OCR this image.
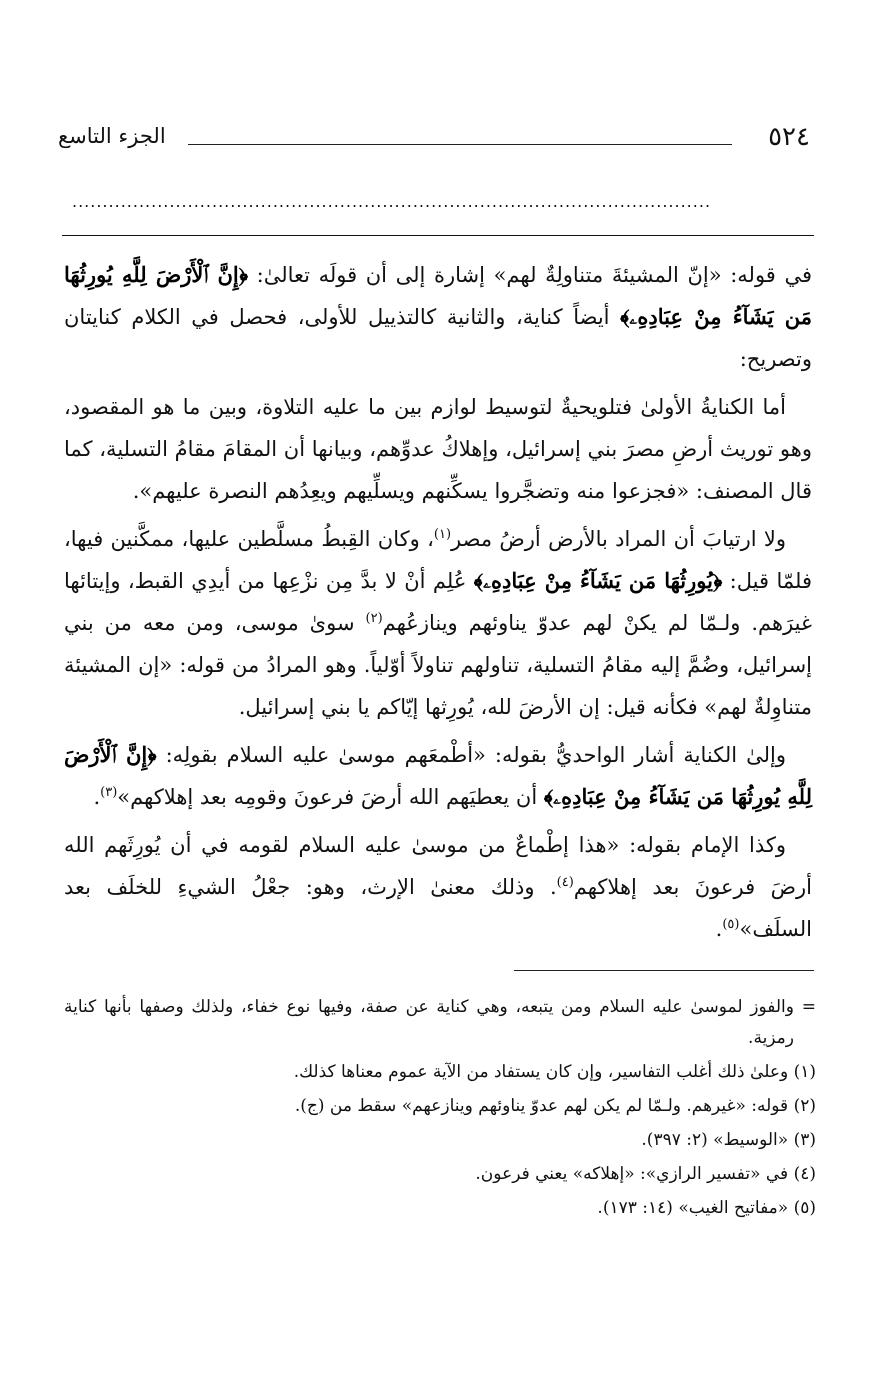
٥٢٤
الجزء التاسع
.........................................................................................................

في قوله: «إنّ المشيئةَ متناولِةٌ لهم» إشارة إلى أن قولَه تعالىٰ: ﴿إِنَّ ٱلْأَرْضَ لِلَّهِ يُورِثُهَا مَن يَشَآءُ مِنْ عِبَادِهِۦ﴾ أيضاً كناية، والثانية كالتذييل للأولى، فحصل في الكلام كنايتان وتصريح:

أما الكنايةُ الأولىٰ فتلويحيةٌ لتوسيط لوازم بين ما عليه التلاوة، وبين ما هو المقصود، وهو توريث أرضِ مصرَ بني إسرائيل، وإهلاكُ عدوِّهم، وبيانها أن المقامَ مقامُ التسلية، كما قال المصنف: «فجزعوا منه وتضجَّروا يسكِّنهم ويسلِّيهم ويعِدُهم النصرة عليهم».

ولا ارتيابَ أن المراد بالأرض أرضُ مصر$^{(١)}$، وكان القِبطُ مسلَّطين عليها، ممكَّنين فيها، فلمّا قيل: ﴿يُورِثُهَا مَن يَشَآءُ مِنْ عِبَادِهِۦ﴾ عُلِم أنْ لا بدَّ مِن نزْعِها من أيدِي القبط، وإيتائها غيرَهم. ولـمّا لم يكنْ لهم عدوّ يناوئهم وينازعُهم$^{(٢)}$ سوىٰ موسى، ومن معه من بني إسرائيل، وضُمَّ إليه مقامُ التسلية، تناولهم تناولاً أوّلياً. وهو المرادُ من قوله: «إن المشيئة متناوِلةٌ لهم» فكأنه قيل: إن الأرضَ لله، يُورِثها إيّاكم يا بني إسرائيل.

وإلىٰ الكناية أشار الواحديُّ بقوله: «أطْمعَهم موسىٰ عليه السلام بقولِه: ﴿إِنَّ ٱلْأَرْضَ لِلَّهِ يُورِثُهَا مَن يَشَآءُ مِنْ عِبَادِهِۦ﴾ أن يعطيَهم الله أرضَ فرعونَ وقومِه بعد إهلاكهم»$^{(٣)}$.

وكذا الإمام بقوله: «هذا إطْماعٌ من موسىٰ عليه السلام لقومه في أن يُورِثَهم الله أرضَ فرعونَ بعد إهلاكهم$^{(٤)}$. وذلك معنىٰ الإرث، وهو: جعْلُ الشيءِ للخلَف بعد السلَف»$^{(٥)}$.

=
والفوز لموسىٰ عليه السلام ومن يتبعه، وهي كناية عن صفة، وفيها نوع خفاء، ولذلك وصفها بأنها كناية رمزية.

(١) وعلىٰ ذلك أغلب التفاسير، وإن كان يستفاد من الآية عموم معناها كذلك.

(٢) قوله: «غيرهم. ولـمّا لم يكن لهم عدوّ يناوئهم وينازعهم» سقط من (ج).

(٣) «الوسيط» (٢: ٣٩٧).

(٤) في «تفسير الرازي»: «إهلاكه» يعني فرعون.

(٥) «مفاتيح الغيب» (١٤: ١٧٣).
